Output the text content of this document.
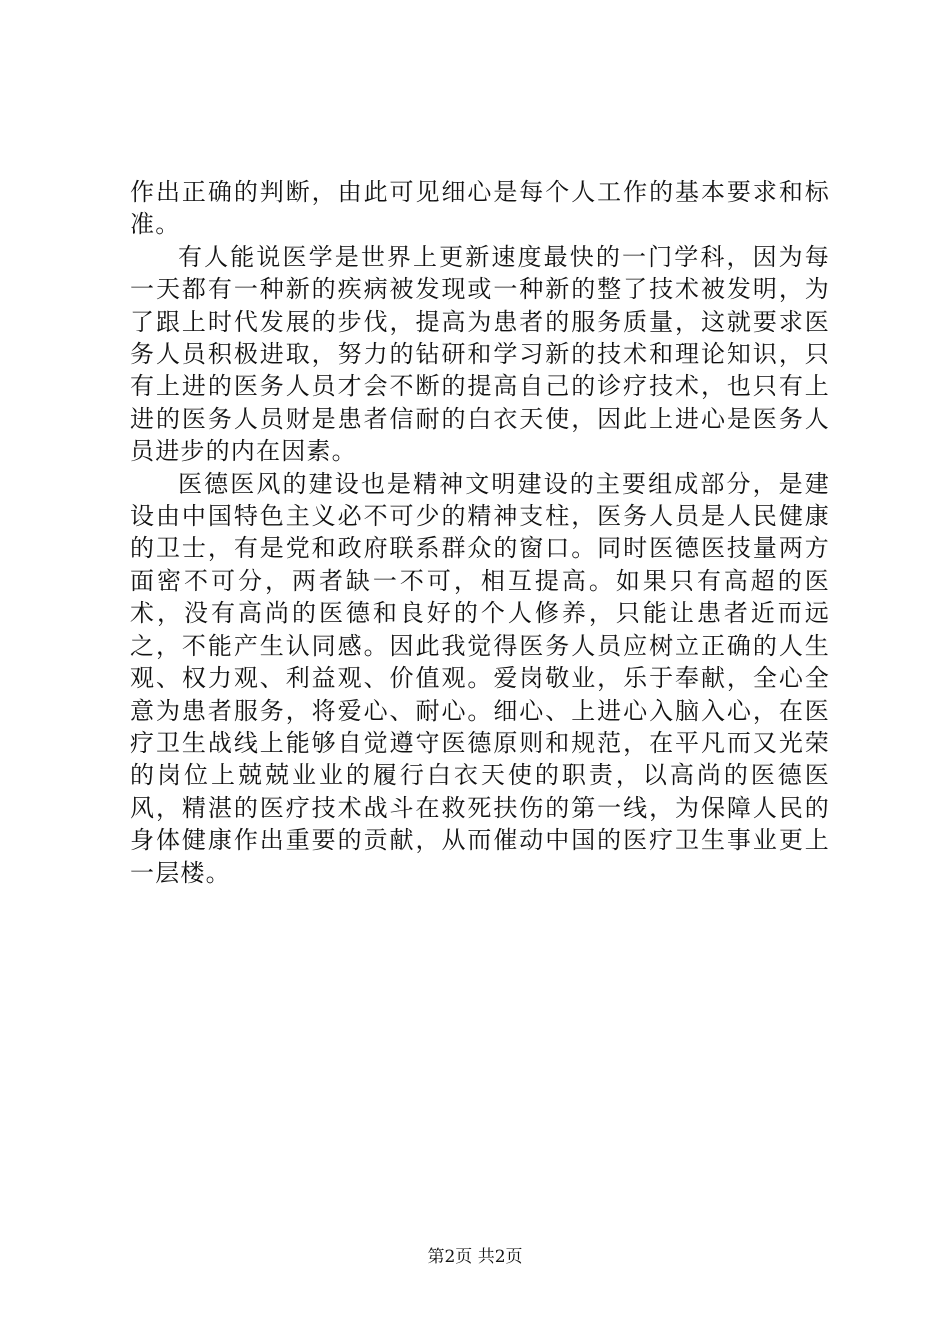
作出正确的判断，由此可见细心是每个人工作的基本要求和标准。

有人能说医学是世界上更新速度最快的一门学科，因为每一天都有一种新的疾病被发现或一种新的整了技术被发明，为了跟上时代发展的步伐，提高为患者的服务质量，这就要求医务人员积极进取，努力的钻研和学习新的技术和理论知识，只有上进的医务人员才会不断的提高自己的诊疗技术，也只有上进的医务人员财是患者信耐的白衣天使，因此上进心是医务人员进步的内在因素。

医德医风的建设也是精神文明建设的主要组成部分，是建设由中国特色主义必不可少的精神支柱，医务人员是人民健康的卫士，有是党和政府联系群众的窗口。同时医德医技量两方面密不可分，两者缺一不可，相互提高。如果只有高超的医术，没有高尚的医德和良好的个人修养，只能让患者近而远之，不能产生认同感。因此我觉得医务人员应树立正确的人生观、权力观、利益观、价值观。爱岗敬业，乐于奉献，全心全意为患者服务，将爱心、耐心。细心、上进心入脑入心，在医疗卫生战线上能够自觉遵守医德原则和规范，在平凡而又光荣的岗位上兢兢业业的履行白衣天使的职责，以高尚的医德医风，精湛的医疗技术战斗在救死扶伤的第一线，为保障人民的身体健康作出重要的贡献，从而催动中国的医疗卫生事业更上一层楼。

第2页 共2页
